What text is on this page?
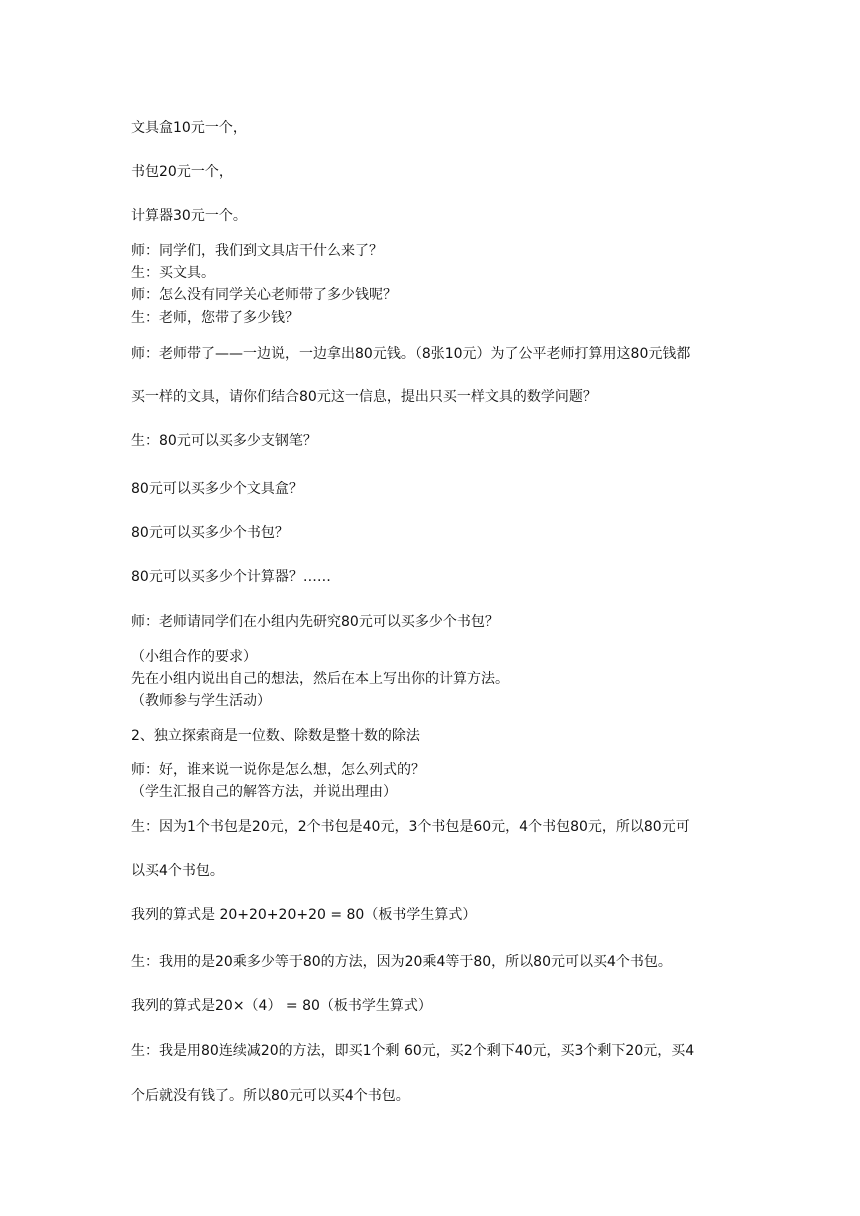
文具盒10元一个，
书包20元一个，
计算器30元一个。
师：同学们，我们到文具店干什么来了？
生：买文具。
师：怎么没有同学关心老师带了多少钱呢？
生：老师，您带了多少钱？
师：老师带了——一边说，一边拿出80元钱。（8张10元）为了公平老师打算用这80元钱都
买一样的文具，请你们结合80元这一信息，提出只买一样文具的数学问题？
生：80元可以买多少支钢笔？
80元可以买多少个文具盒？
80元可以买多少个书包？
80元可以买多少个计算器？……
师：老师请同学们在小组内先研究80元可以买多少个书包？
（小组合作的要求）
先在小组内说出自己的想法，然后在本上写出你的计算方法。
（教师参与学生活动）
2、独立探索商是一位数、除数是整十数的除法
师：好，谁来说一说你是怎么想，怎么列式的？
（学生汇报自己的解答方法，并说出理由）
生：因为1个书包是20元，2个书包是40元，3个书包是60元，4个书包80元，所以80元可
以买4个书包。
我列的算式是 20+20+20+20 = 80（板书学生算式）
生：我用的是20乘多少等于80的方法，因为20乘4等于80，所以80元可以买4个书包。
我列的算式是20×（4） = 80（板书学生算式）
生：我是用80连续减20的方法，即买1个剩 60元，买2个剩下40元，买3个剩下20元，买4
个后就没有钱了。所以80元可以买4个书包。
